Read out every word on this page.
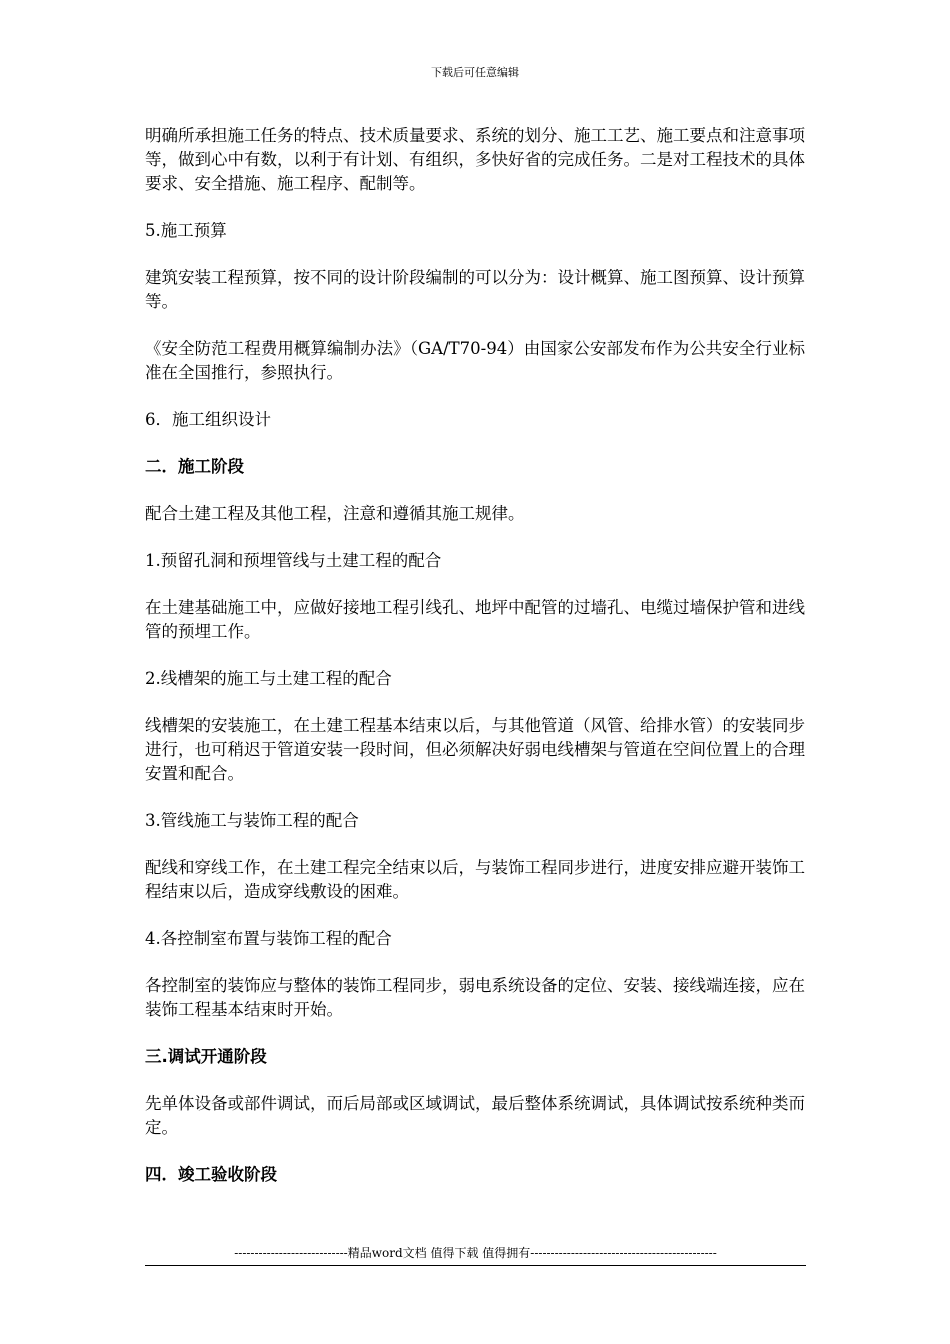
下载后可任意编辑

明确所承担施工任务的特点、技术质量要求、系统的划分、施工工艺、施工要点和注意事项等，做到心中有数，以利于有计划、有组织，多快好省的完成任务。二是对工程技术的具体要求、安全措施、施工程序、配制等。

5.施工预算

建筑安装工程预算，按不同的设计阶段编制的可以分为：设计概算、施工图预算、设计预算等。

《安全防范工程费用概算编制办法》（GA/T70-94）由国家公安部发布作为公共安全行业标准在全国推行，参照执行。

6．施工组织设计

二．施工阶段

配合土建工程及其他工程，注意和遵循其施工规律。

1.预留孔洞和预埋管线与土建工程的配合

在土建基础施工中，应做好接地工程引线孔、地坪中配管的过墙孔、电缆过墙保护管和进线管的预埋工作。

2.线槽架的施工与土建工程的配合

线槽架的安装施工，在土建工程基本结束以后，与其他管道（风管、给排水管）的安装同步进行，也可稍迟于管道安装一段时间，但必须解决好弱电线槽架与管道在空间位置上的合理安置和配合。

3.管线施工与装饰工程的配合

配线和穿线工作，在土建工程完全结束以后，与装饰工程同步进行，进度安排应避开装饰工程结束以后，造成穿线敷设的困难。

4.各控制室布置与装饰工程的配合

各控制室的装饰应与整体的装饰工程同步，弱电系统设备的定位、安装、接线端连接，应在装饰工程基本结束时开始。

三.调试开通阶段

先单体设备或部件调试，而后局部或区域调试，最后整体系统调试，具体调试按系统种类而定。

四．竣工验收阶段

----------------------------精品word文档 值得下载 值得拥有----------------------------------------------
